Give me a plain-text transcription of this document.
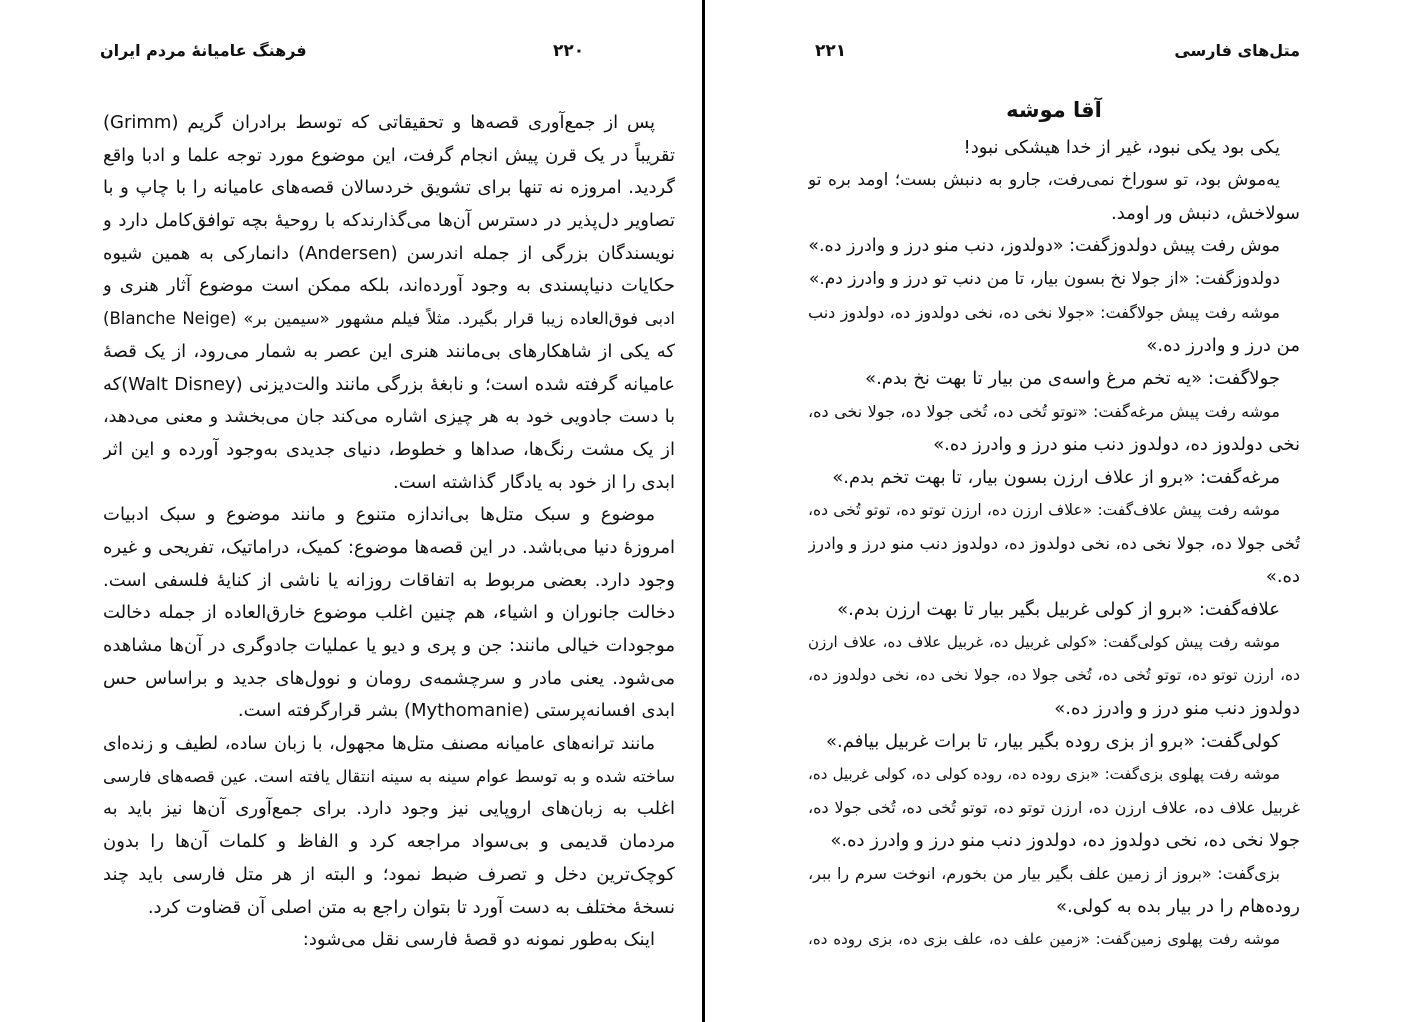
فرهنگ عامیانهٔ مردم ایران	۲۲۰
پس از جمع‌آوری قصه‌ها و تحقیقاتی که توسط برادران گریم (Grimm)
تقریباً در یک قرن پیش انجام گرفت، این موضوع مورد توجه علما و ادبا واقع
گردید. امروزه نه تنها برای تشویق خردسالان قصه‌های عامیانه را با چاپ و با
تصاویر دل‌پذیر در دسترس آن‌ها می‌گذارندکه با روحیهٔ بچه توافق‌کامل دارد و
نویسندگان بزرگی از جمله اندرسن (Andersen) دانمارکی به همین شیوه
حکایات دنیاپسندی به وجود آورده‌اند، بلکه ممکن است موضوع آثار هنری و
ادبی فوق‌العاده زیبا قرار بگیرد. مثلاً فیلم مشهور «سیمین بر» (Blanche Neige)
که یکی از شاهکارهای بی‌مانند هنری این عصر به شمار می‌رود، از یک قصهٔ
عامیانه گرفته شده است؛ و نابغهٔ بزرگی مانند والت‌دیزنی (Walt Disney)که
با دست جادویی خود به هر چیزی اشاره می‌کند جان می‌بخشد و معنی می‌دهد،
از یک مشت رنگ‌ها، صداها و خطوط، دنیای جدیدی به‌وجود آورده و این اثر
ابدی را از خود به یادگار گذاشته است.
موضوع و سبک متل‌ها بی‌اندازه متنوع و مانند موضوع و سبک ادبیات
امروزهٔ دنیا می‌باشد. در این قصه‌ها موضوع: کمیک، دراماتیک، تفریحی و غیره
وجود دارد. بعضی مربوط به اتفاقات روزانه یا ناشی از کنایهٔ فلسفی است.
دخالت جانوران و اشیاء، هم چنین اغلب موضوع خارق‌العاده از جمله دخالت
موجودات خیالی مانند: جن و پری و دیو یا عملیات جادوگری در آن‌ها مشاهده
می‌شود. یعنی مادر و سرچشمه‌ی رومان و نوول‌های جدید و براساس حس
ابدی افسانه‌پرستی (Mythomanie) بشر قرارگرفته است.
مانند ترانه‌های عامیانه مصنف متل‌ها مجهول، با زبان ساده، لطیف و زنده‌ای
ساخته شده و به توسط عوام سینه به سینه انتقال یافته است. عین قصه‌های فارسی
اغلب به زبان‌های اروپایی نیز وجود دارد. برای جمع‌آوری آن‌ها نیز باید به
مردمان قدیمی و بی‌سواد مراجعه کرد و الفاظ و کلمات آن‌ها را بدون
کوچک‌ترین دخل و تصرف ضبط نمود؛ و البته از هر متل فارسی باید چند
نسخهٔ مختلف به دست آورد تا بتوان راجع به متن اصلی آن قضاوت کرد.
اینک به‌طور نمونه دو قصهٔ فارسی نقل می‌شود:
۲۲۱	متل‌های فارسی
آقا موشه
یکی بود یکی نبود، غیر از خدا هیشکی نبود!
یه‌موش بود، تو سوراخ نمی‌رفت، جارو به دنبش بست؛ اومد بره تو
سولاخش، دنبش ور اومد.
موش رفت پیش دولدوزگفت: «دولدوز، دنب منو درز و وادرز ده.»
دولدوزگفت: «از جولا نخ بسون بیار، تا من دنب تو درز و وادرز دم.»
موشه رفت پیش جولاگفت: «جولا نخی ده، نخی دولدوز ده، دولدوز دنب
من درز و وادرز ده.»
جولاگفت: «یه تخم مرغ واسه‌ی من بیار تا بهت نخ بدم.»
موشه رفت پیش مرغه‌گفت: «توتو تُخی ده، تُخی جولا ده، جولا نخی ده،
نخی دولدوز ده، دولدوز دنب منو درز و وادرز ده.»
مرغه‌گفت: «برو از علاف ارزن بسون بیار، تا بهت تخم بدم.»
موشه رفت پیش علاف‌گفت: «علاف ارزن ده، ارزن توتو ده، توتو تُخی ده،
تُخی جولا ده، جولا نخی ده، نخی دولدوز ده، دولدوز دنب منو درز و وادرز
ده.»
علافه‌گفت: «برو از کولی غربیل بگیر بیار تا بهت ارزن بدم.»
موشه رفت پیش کولی‌گفت: «کولی غربیل ده، غربیل علاف ده، علاف ارزن
ده، ارزن توتو ده، توتو تُخی ده، تُخی جولا ده، جولا نخی ده، نخی دولدوز ده،
دولدوز دنب منو درز و وادرز ده.»
کولی‌گفت: «برو از بزی روده بگیر بیار، تا برات غربیل بیافم.»
موشه رفت پهلوی بزی‌گفت: «بزی روده ده، روده کولی ده، کولی غربیل ده،
غربیل علاف ده، علاف ارزن ده، ارزن توتو ده، توتو تُخی ده، تُخی جولا ده،
جولا نخی ده، نخی دولدوز ده، دولدوز دنب منو درز و وادرز ده.»
بزی‌گفت: «بروز از زمین علف بگیر بیار من بخورم، انوخت سرم را ببر،
روده‌هام را در بیار بده به کولی.»
موشه رفت پهلوی زمین‌گفت: «زمین علف ده، علف بزی ده، بزی روده ده،
